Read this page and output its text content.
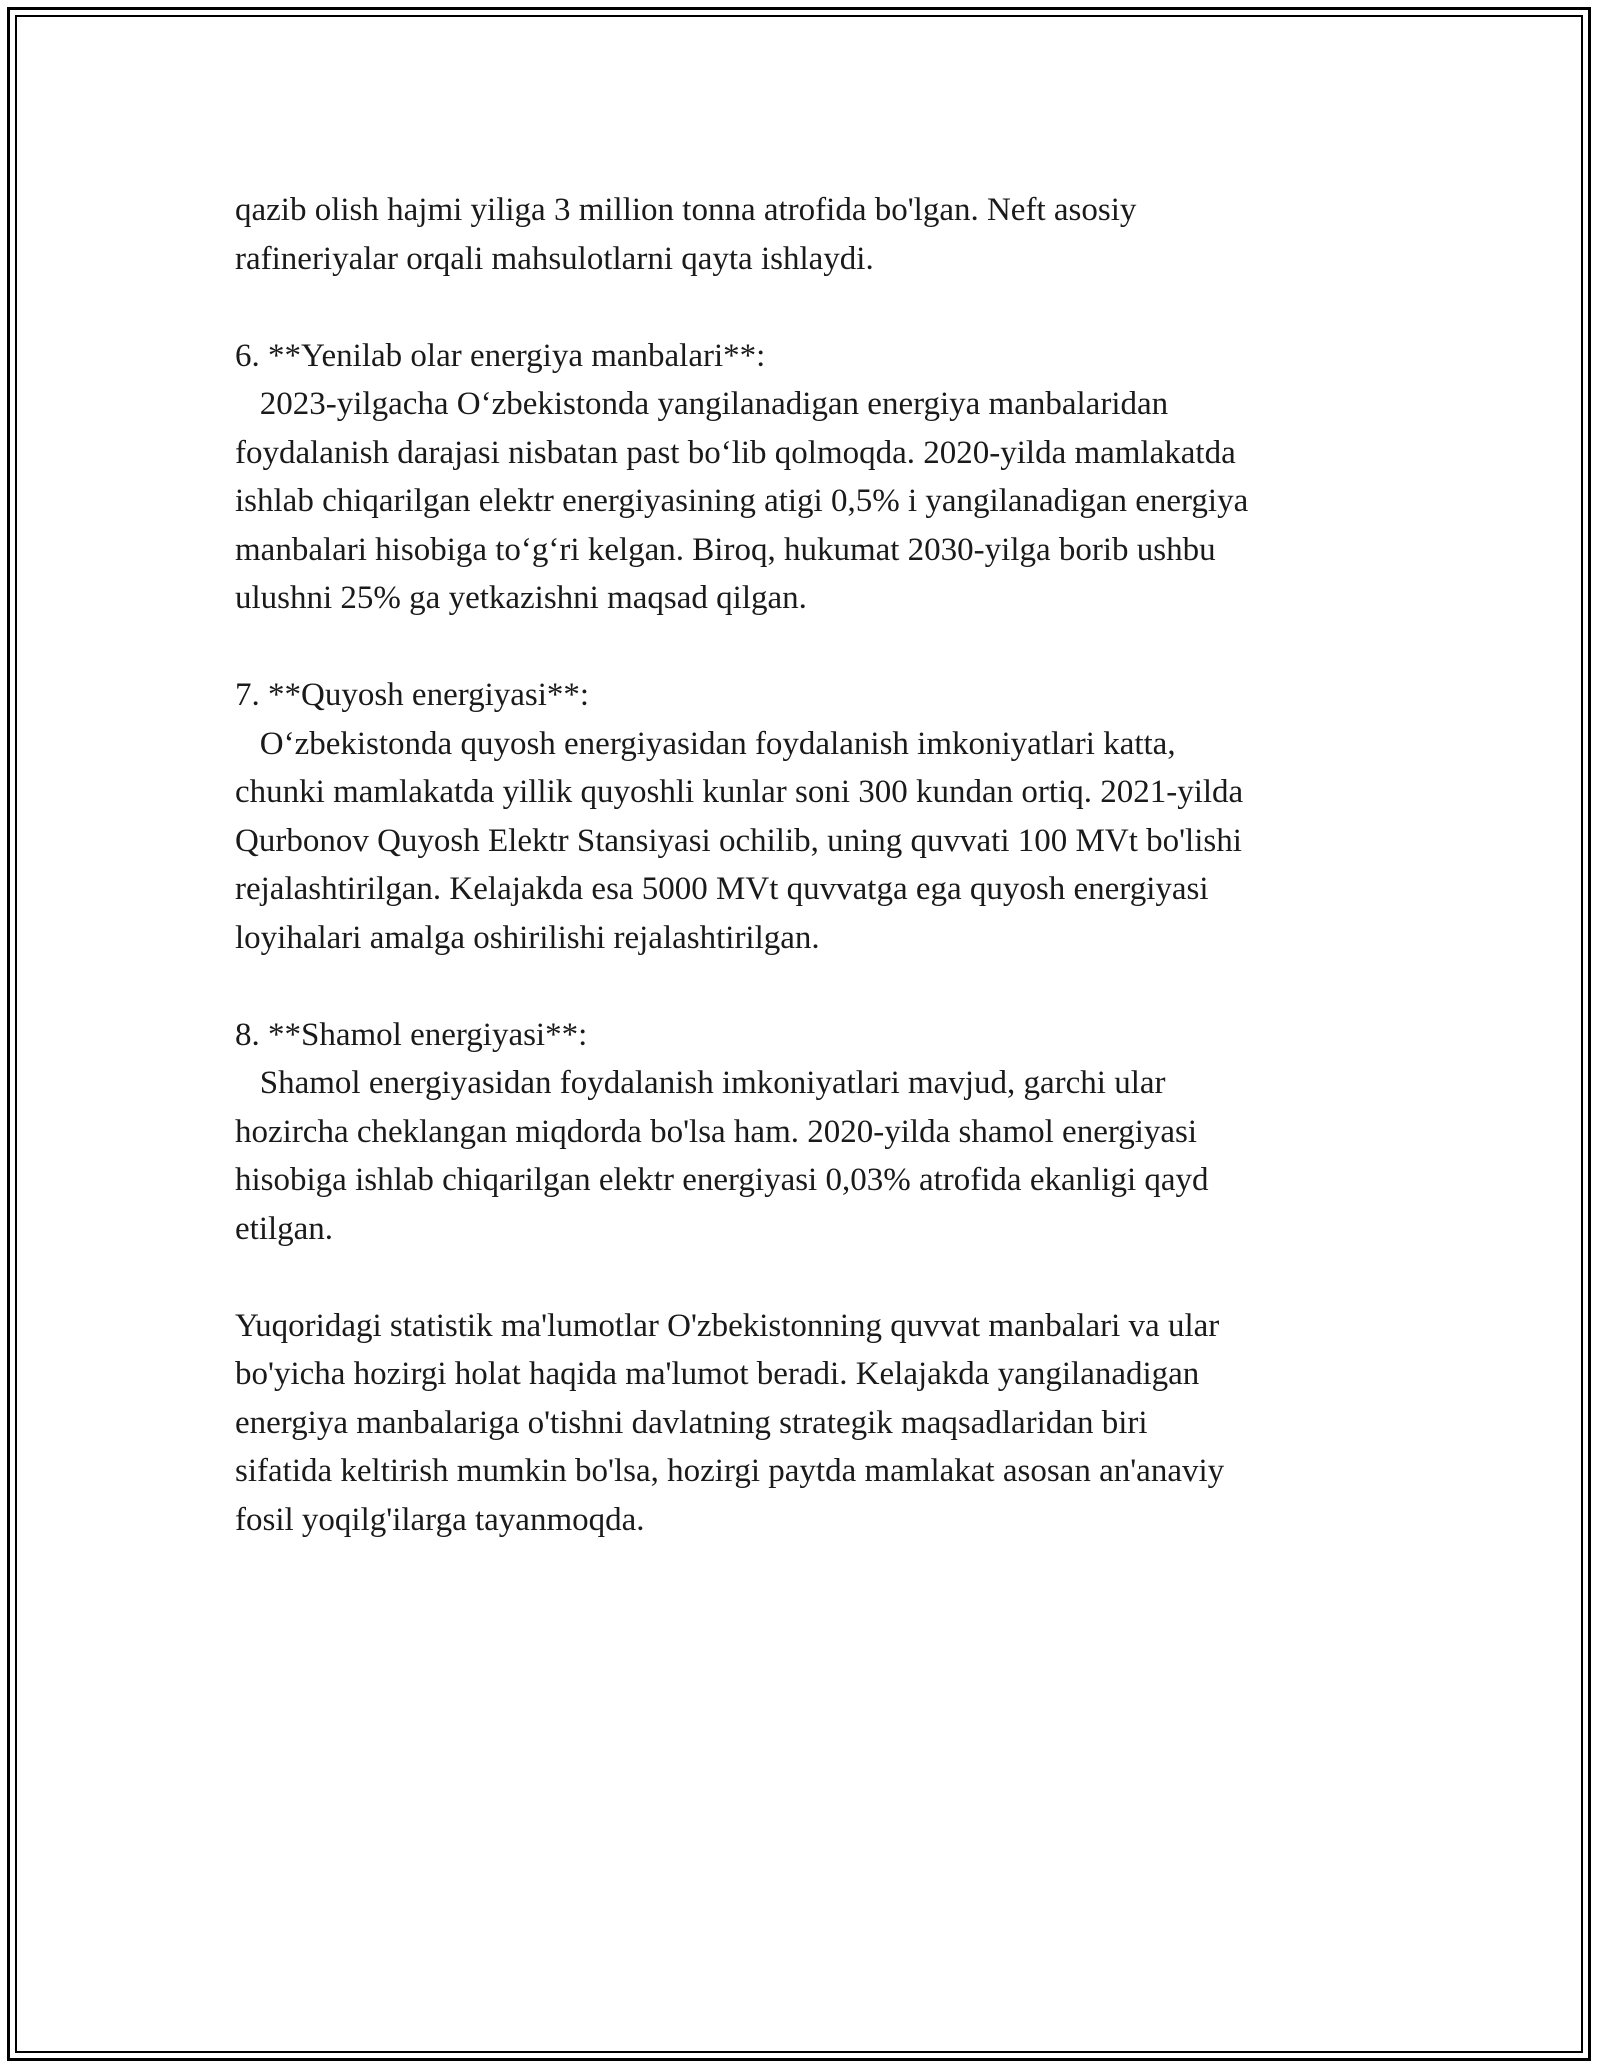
qazib olish hajmi yiliga 3 million tonna atrofida bo'lgan. Neft asosiy
rafineriyalar orqali mahsulotlarni qayta ishlaydi.
6. **Yenilab olar energiya manbalari**:
2023-yilgacha O‘zbekistonda yangilanadigan energiya manbalaridan
foydalanish darajasi nisbatan past bo‘lib qolmoqda. 2020-yilda mamlakatda
ishlab chiqarilgan elektr energiyasining atigi 0,5% i yangilanadigan energiya
manbalari hisobiga to‘g‘ri kelgan. Biroq, hukumat 2030-yilga borib ushbu
ulushni 25% ga yetkazishni maqsad qilgan.
7. **Quyosh energiyasi**:
O‘zbekistonda quyosh energiyasidan foydalanish imkoniyatlari katta,
chunki mamlakatda yillik quyoshli kunlar soni 300 kundan ortiq. 2021-yilda
Qurbonov Quyosh Elektr Stansiyasi ochilib, uning quvvati 100 MVt bo'lishi
rejalashtirilgan. Kelajakda esa 5000 MVt quvvatga ega quyosh energiyasi
loyihalari amalga oshirilishi rejalashtirilgan.
8. **Shamol energiyasi**:
Shamol energiyasidan foydalanish imkoniyatlari mavjud, garchi ular
hozircha cheklangan miqdorda bo'lsa ham. 2020-yilda shamol energiyasi
hisobiga ishlab chiqarilgan elektr energiyasi 0,03% atrofida ekanligi qayd
etilgan.
Yuqoridagi statistik ma'lumotlar O'zbekistonning quvvat manbalari va ular
bo'yicha hozirgi holat haqida ma'lumot beradi. Kelajakda yangilanadigan
energiya manbalariga o'tishni davlatning strategik maqsadlaridan biri
sifatida keltirish mumkin bo'lsa, hozirgi paytda mamlakat asosan an'anaviy
fosil yoqilg'ilarga tayanmoqda.
